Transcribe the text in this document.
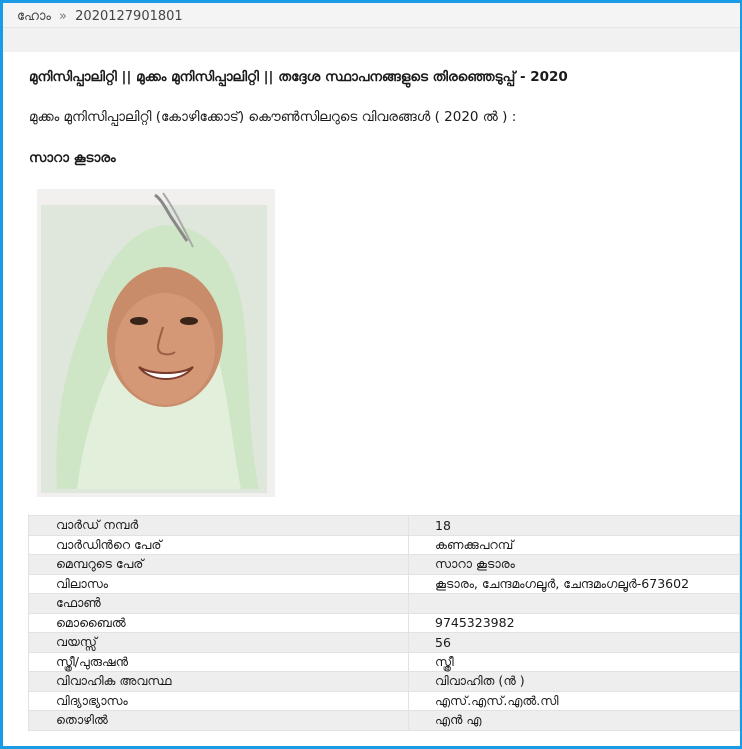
ഹോം » 2020127901801
മുനിസിപ്പാലിറ്റി || മുക്കം മുനിസിപ്പാലിറ്റി || തദ്ദേശ സ്ഥാപനങ്ങളുടെ തിരഞ്ഞെടുപ്പ് - 2020
മുക്കം മുനിസിപ്പാലിറ്റി (കോഴിക്കോട്) കൌൺസിലറുടെ വിവരങ്ങൾ ( 2020 ൽ ) :
സാറാ കൂടാരം
വാർഡ് നമ്പർ	18
വാർഡിൻറെ പേര്	കണക്കുപറമ്പ്
മെമ്പറുടെ പേര്	സാറാ കൂടാരം
വിലാസം	കൂടാരം, ചേന്ദമംഗലൂർ, ചേന്ദമംഗലൂർ-673602
ഫോൺ	
മൊബൈൽ	9745323982
വയസ്സ്	56
സ്ത്രീ/പുരുഷൻ	സ്ത്രീ
വിവാഹിക അവസ്ഥ	വിവാഹിത (ൻ )
വിദ്യാഭ്യാസം	എസ്.എസ്.എൽ.സി
തൊഴിൽ	എൻ എ
